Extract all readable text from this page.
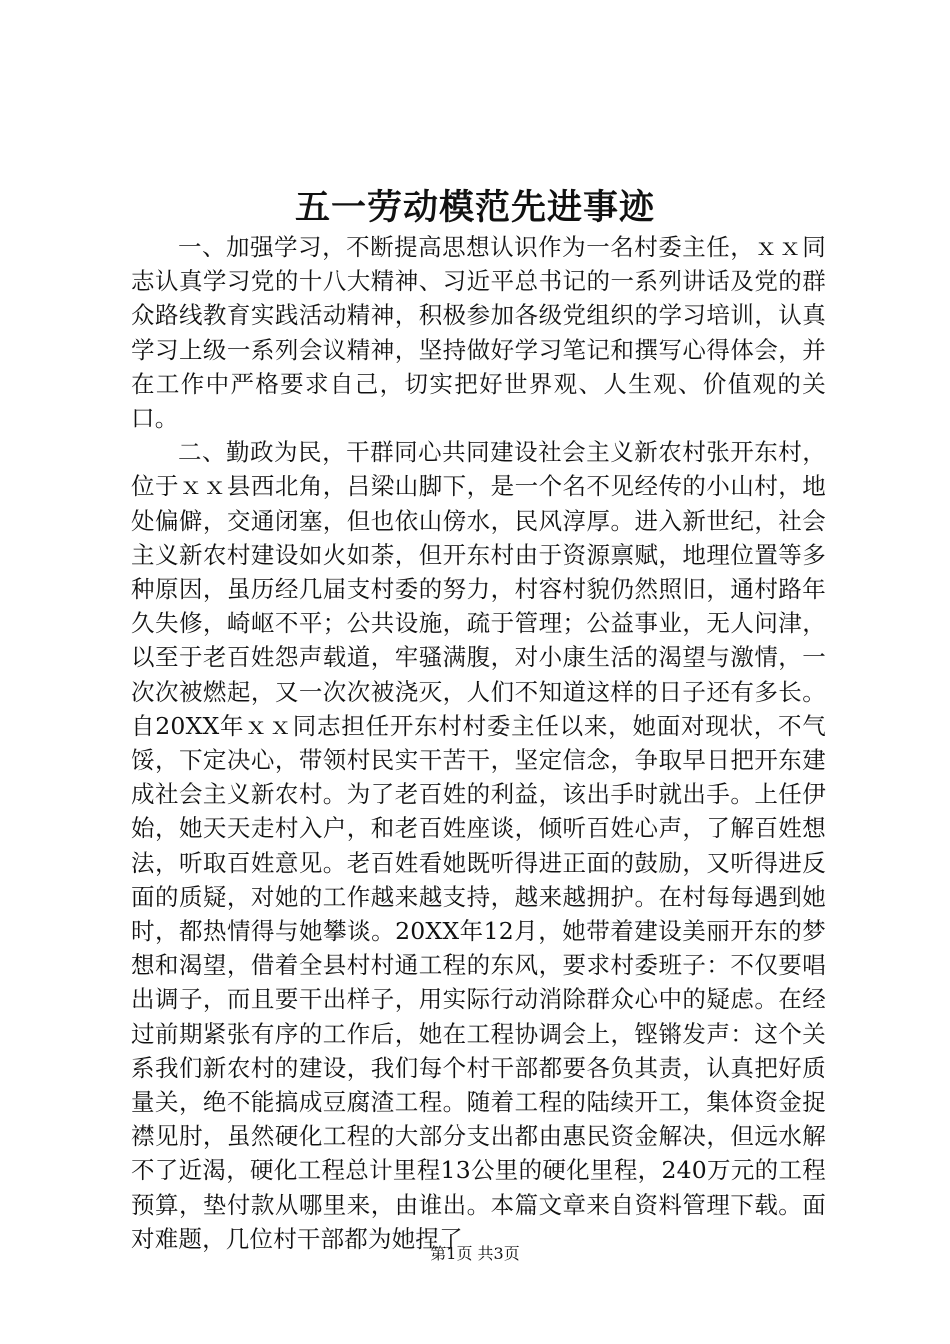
五一劳动模范先进事迹

一、加强学习，不断提高思想认识作为一名村委主任，ｘｘ同志认真学习党的十八大精神、习近平总书记的一系列讲话及党的群众路线教育实践活动精神，积极参加各级党组织的学习培训，认真学习上级一系列会议精神，坚持做好学习笔记和撰写心得体会，并在工作中严格要求自己，切实把好世界观、人生观、价值观的关口。

二、勤政为民，干群同心共同建设社会主义新农村张开东村，位于ｘｘ县西北角，吕梁山脚下，是一个名不见经传的小山村，地处偏僻，交通闭塞，但也依山傍水，民风淳厚。进入新世纪，社会主义新农村建设如火如荼，但开东村由于资源禀赋，地理位置等多种原因，虽历经几届支村委的努力，村容村貌仍然照旧，通村路年久失修，崎岖不平；公共设施，疏于管理；公益事业，无人问津，以至于老百姓怨声载道，牢骚满腹，对小康生活的渴望与激情，一次次被燃起，又一次次被浇灭，人们不知道这样的日子还有多长。自20XX年ｘｘ同志担任开东村村委主任以来，她面对现状，不气馁，下定决心，带领村民实干苦干，坚定信念，争取早日把开东建成社会主义新农村。为了老百姓的利益，该出手时就出手。上任伊始，她天天走村入户，和老百姓座谈，倾听百姓心声，了解百姓想法，听取百姓意见。老百姓看她既听得进正面的鼓励，又听得进反面的质疑，对她的工作越来越支持，越来越拥护。在村每每遇到她时，都热情得与她攀谈。20XX年12月，她带着建设美丽开东的梦想和渴望，借着全县村村通工程的东风，要求村委班子：不仅要唱出调子，而且要干出样子，用实际行动消除群众心中的疑虑。在经过前期紧张有序的工作后，她在工程协调会上，铿锵发声：这个关系我们新农村的建设，我们每个村干部都要各负其责，认真把好质量关，绝不能搞成豆腐渣工程。随着工程的陆续开工，集体资金捉襟见肘，虽然硬化工程的大部分支出都由惠民资金解决，但远水解不了近渴，硬化工程总计里程13公里的硬化里程，240万元的工程预算，垫付款从哪里来，由谁出。本篇文章来自资料管理下载。面对难题，几位村干部都为她捏了

第1页 共3页
